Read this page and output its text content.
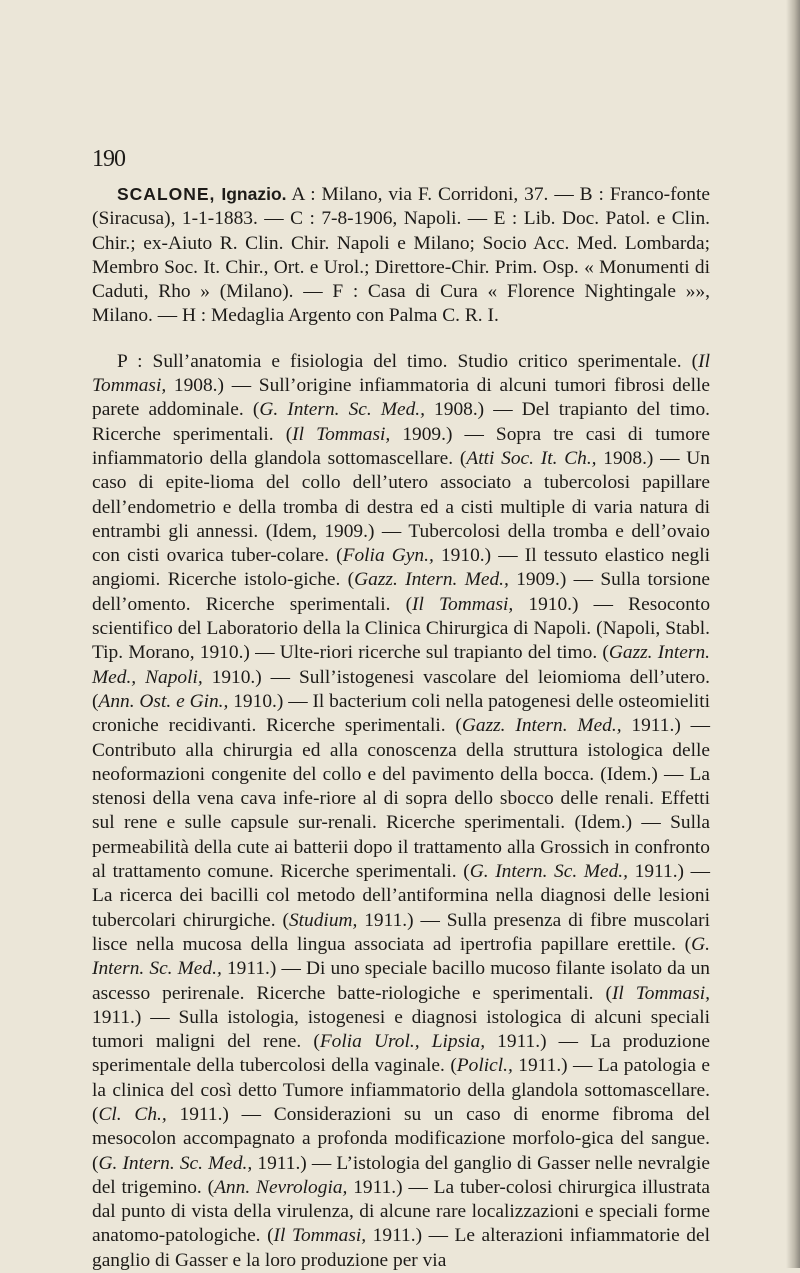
190

SCALONE, Ignazio. A : Milano, via F. Corridoni, 37. — B : Franco-fonte (Siracusa), 1-1-1883. — C : 7-8-1906, Napoli. — E : Lib. Doc. Patol. e Clin. Chir.; ex-Aiuto R. Clin. Chir. Napoli e Milano; Socio Acc. Med. Lombarda; Membro Soc. It. Chir., Ort. e Urol.; Direttore-Chir. Prim. Osp. « Monumenti di Caduti, Rho » (Milano). — F : Casa di Cura « Florence Nightingale »», Milano. — H : Medaglia Argento con Palma C. R. I.

P : Sull’anatomia e fisiologia del timo. Studio critico sperimentale. (Il Tommasi, 1908.) — Sull’origine infiammatoria di alcuni tumori fibrosi delle parete addominale. (G. Intern. Sc. Med., 1908.) — Del trapianto del timo. Ricerche sperimentali. (Il Tommasi, 1909.) — Sopra tre casi di tumore infiammatorio della glandola sottomascellare. (Atti Soc. It. Ch., 1908.) — Un caso di epite-lioma del collo dell’utero associato a tubercolosi papillare dell’endometrio e della tromba di destra ed a cisti multiple di varia natura di entrambi gli annessi. (Idem, 1909.) — Tubercolosi della tromba e dell’ovaio con cisti ovarica tuber-colare. (Folia Gyn., 1910.) — Il tessuto elastico negli angiomi. Ricerche istolo-giche. (Gazz. Intern. Med., 1909.) — Sulla torsione dell’omento. Ricerche sperimentali. (Il Tommasi, 1910.) — Resoconto scientifico del Laboratorio della la Clinica Chirurgica di Napoli. (Napoli, Stabl. Tip. Morano, 1910.) — Ulte-riori ricerche sul trapianto del timo. (Gazz. Intern. Med., Napoli, 1910.) — Sull’istogenesi vascolare del leiomioma dell’utero. (Ann. Ost. e Gin., 1910.) — Il bacterium coli nella patogenesi delle osteomieliti croniche recidivanti. Ricerche sperimentali. (Gazz. Intern. Med., 1911.) — Contributo alla chirurgia ed alla conoscenza della struttura istologica delle neoformazioni congenite del collo e del pavimento della bocca. (Idem.) — La stenosi della vena cava infe-riore al di sopra dello sbocco delle renali. Effetti sul rene e sulle capsule sur-renali. Ricerche sperimentali. (Idem.) — Sulla permeabilità della cute ai batterii dopo il trattamento alla Grossich in confronto al trattamento comune. Ricerche sperimentali. (G. Intern. Sc. Med., 1911.) — La ricerca dei bacilli col metodo dell’antiformina nella diagnosi delle lesioni tubercolari chirurgiche. (Studium, 1911.) — Sulla presenza di fibre muscolari lisce nella mucosa della lingua associata ad ipertrofia papillare erettile. (G. Intern. Sc. Med., 1911.) — Di uno speciale bacillo mucoso filante isolato da un ascesso perirenale. Ricerche batte-riologiche e sperimentali. (Il Tommasi, 1911.) — Sulla istologia, istogenesi e diagnosi istologica di alcuni speciali tumori maligni del rene. (Folia Urol., Lipsia, 1911.) — La produzione sperimentale della tubercolosi della vaginale. (Policl., 1911.) — La patologia e la clinica del così detto Tumore infiammatorio della glandola sottomascellare. (Cl. Ch., 1911.) — Considerazioni su un caso di enorme fibroma del mesocolon accompagnato a profonda modificazione morfolo-gica del sangue. (G. Intern. Sc. Med., 1911.) — L’istologia del ganglio di Gasser nelle nevralgie del trigemino. (Ann. Nevrologia, 1911.) — La tuber-colosi chirurgica illustrata dal punto di vista della virulenza, di alcune rare localizzazioni e speciali forme anatomo-patologiche. (Il Tommasi, 1911.) — Le alterazioni infiammatorie del ganglio di Gasser e la loro produzione per via
